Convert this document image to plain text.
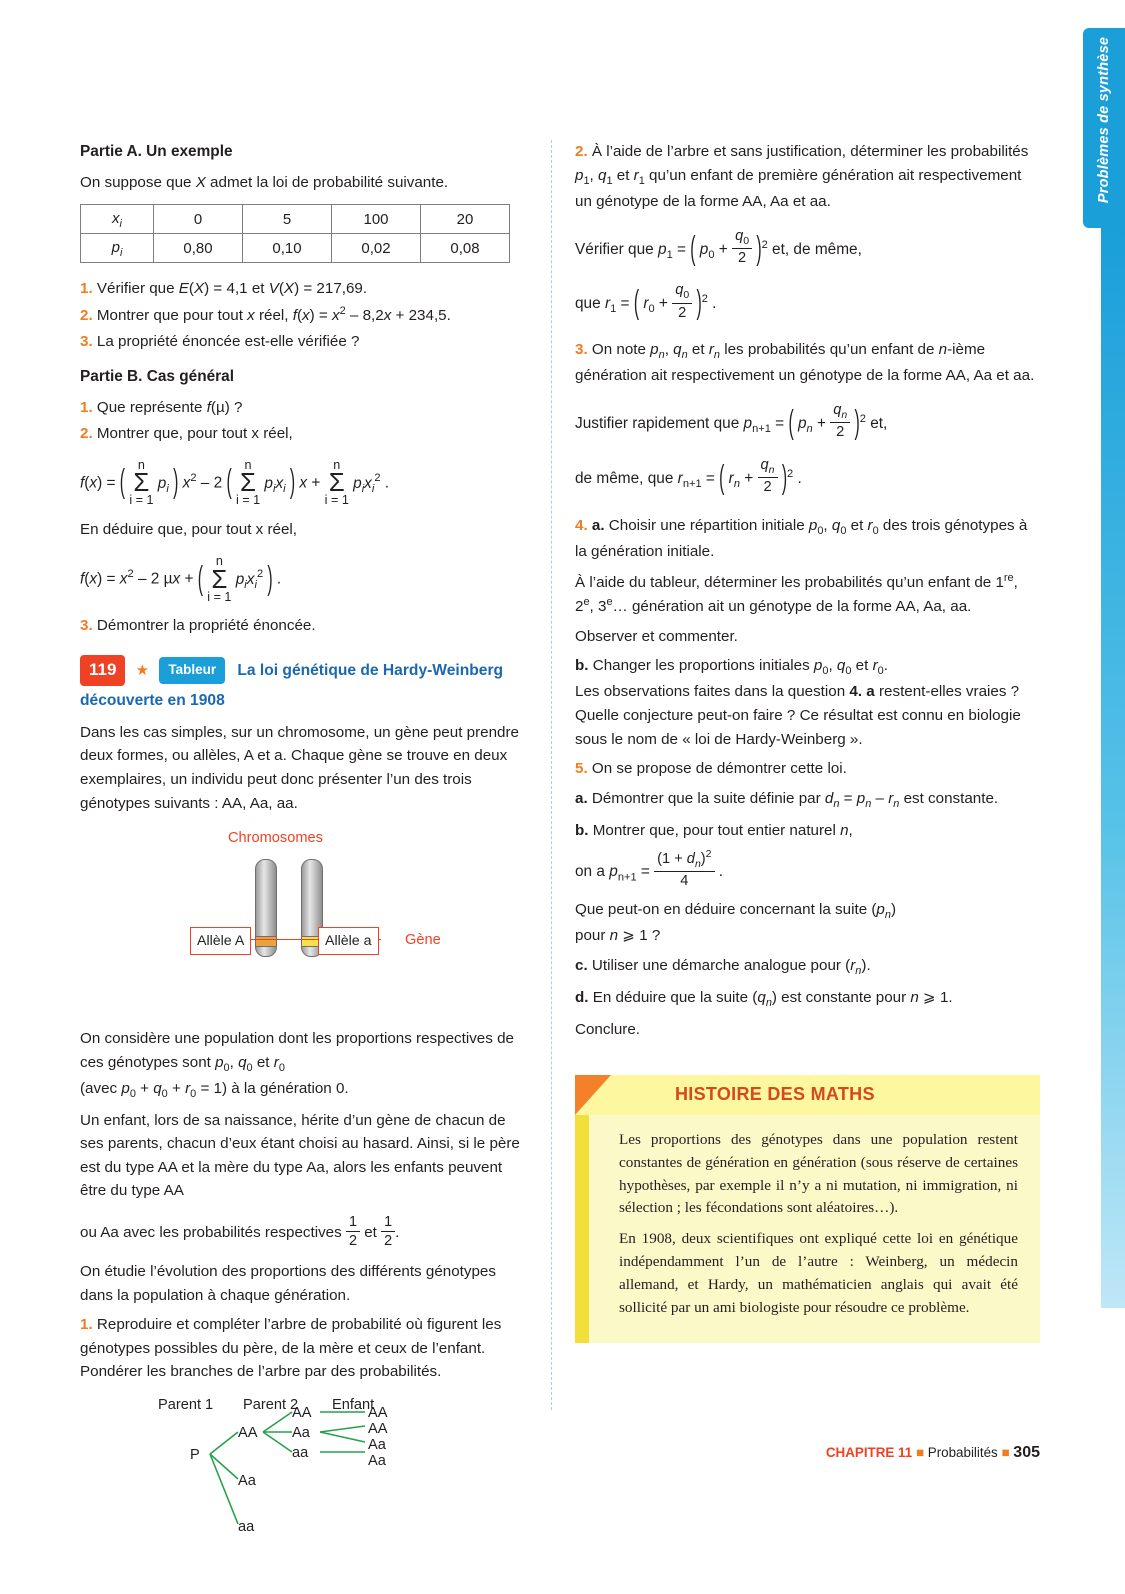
Problèmes de synthèse
Partie A. Un exemple

On suppose que X admet la loi de probabilité suivante.

$x_i$	0	5	100	20
$p_i$	0,80	0,10	0,02	0,08

1. Vérifier que E(X) = 4,1 et V(X) = 217,69.

2. Montrer que pour tout x réel, $f(x) = x^2 - 8,2x + 234,5$.

3. La propriété énoncée est-elle vérifiée ?

Partie B. Cas général

1. Que représente f(µ) ?

2. Montrer que, pour tout x réel,

f(x) = (
n
Σ
i = 1
$p_i$ ) $x^2 - 2$ (
n
Σ
i = 1
$p_ix_i$ ) x +
n
Σ
i = 1
$p_ix_i^2$ .

En déduire que, pour tout x réel,

$f(x) = x^2 - 2$ µx + (
n
Σ
i = 1
$p_ix_i^2$ ) .

3. Démontrer la propriété énoncée.

119 ★ Tableur La loi génétique de Hardy-Weinberg
découverte en 1908

Dans les cas simples, sur un chromosome, un gène peut prendre deux formes, ou allèles, A et a. Chaque gène se trouve en deux exemplaires, un individu peut donc présenter l’un des trois génotypes suivants : AA, Aa, aa.

Chromosomes
Allèle A	Allèle a	Gène

On considère une population dont les proportions respectives de ces génotypes sont $p_0$, $q_0$ et $r_0$
(avec $p_0 + q_0 + r_0 = 1$) à la génération 0.

Un enfant, lors de sa naissance, hérite d’un gène de chacun de ses parents, chacun d’eux étant choisi au hasard. Ainsi, si le père est du type AA et la mère du type Aa, alors les enfants peuvent être du type AA

ou Aa avec les probabilités respectives $\frac{1}{2}$ et $\frac{1}{2}$ .

On étudie l’évolution des proportions des différents génotypes dans la population à chaque génération.

1. Reproduire et compléter l’arbre de probabilité où figurent les génotypes possibles du père, de la mère et ceux de l’enfant. Pondérer les branches de l’arbre par des probabilités.

Parent 1 Parent 2 Enfant
P
AA
Aa
aa
AA
Aa
aa
AA
AA
Aa
Aa

2. À l’aide de l’arbre et sans justification, déterminer les probabilités $p_1$, $q_1$ et $r_1$ qu’un enfant de première génération ait respectivement un génotype de la forme AA, Aa et aa.

Vérifier que $p_1$ = ( $p_0 + \frac{q_0}{2} )^2$ et, de même,
que $r_1$ = ( $r_0 + \frac{q_0}{2} )^2$ .

3. On note $p_n$, $q_n$ et $r_n$ les probabilités qu’un enfant de n-ième génération ait respectivement un génotype de la forme AA, Aa et aa.

Justifier rapidement que $p_{n+1}$ = ( $p_n + \frac{q_n}{2} )^2$ et,
de même, que $r_{n+1}$ = ( $r_n + \frac{q_n}{2} )^2$ .

4. a. Choisir une répartition initiale $p_0$, $q_0$ et $r_0$ des trois génotypes à la génération initiale.

À l’aide du tableur, déterminer les probabilités qu’un enfant de 1re, 2e, 3e… génération ait un génotype de la forme AA, Aa, aa.

Observer et commenter.

b. Changer les proportions initiales $p_0$, $q_0$ et $r_0$.
Les observations faites dans la question 4. a restent-elles vraies ? Quelle conjecture peut-on faire ? Ce résultat est connu en biologie sous le nom de « loi de Hardy-Weinberg ».

5. On se propose de démontrer cette loi.

a. Démontrer que la suite définie par $d_n = p_n - r_n$ est constante.

b. Montrer que, pour tout entier naturel n,

on a $p_{n+1} = \frac{(1 + d_n)^2}{4}$ .

Que peut-on en déduire concernant la suite $(p_n)$
pour n ⩾ 1 ?

c. Utiliser une démarche analogue pour $(r_n)$.

d. En déduire que la suite $(q_n)$ est constante pour n ⩾ 1.

Conclure.

HISTOIRE DES MATHS

Les proportions des génotypes dans une population restent constantes de génération en génération (sous réserve de certaines hypothèses, par exemple il n’y a ni mutation, ni immigration, ni sélection ; les fécondations sont aléatoires…).

En 1908, deux scientifiques ont expliqué cette loi en génétique indépendamment l’un de l’autre : Weinberg, un médecin allemand, et Hardy, un mathématicien anglais qui avait été sollicité par un ami biologiste pour résoudre ce problème.

CHAPITRE 11 ■ Probabilités ■ 305
